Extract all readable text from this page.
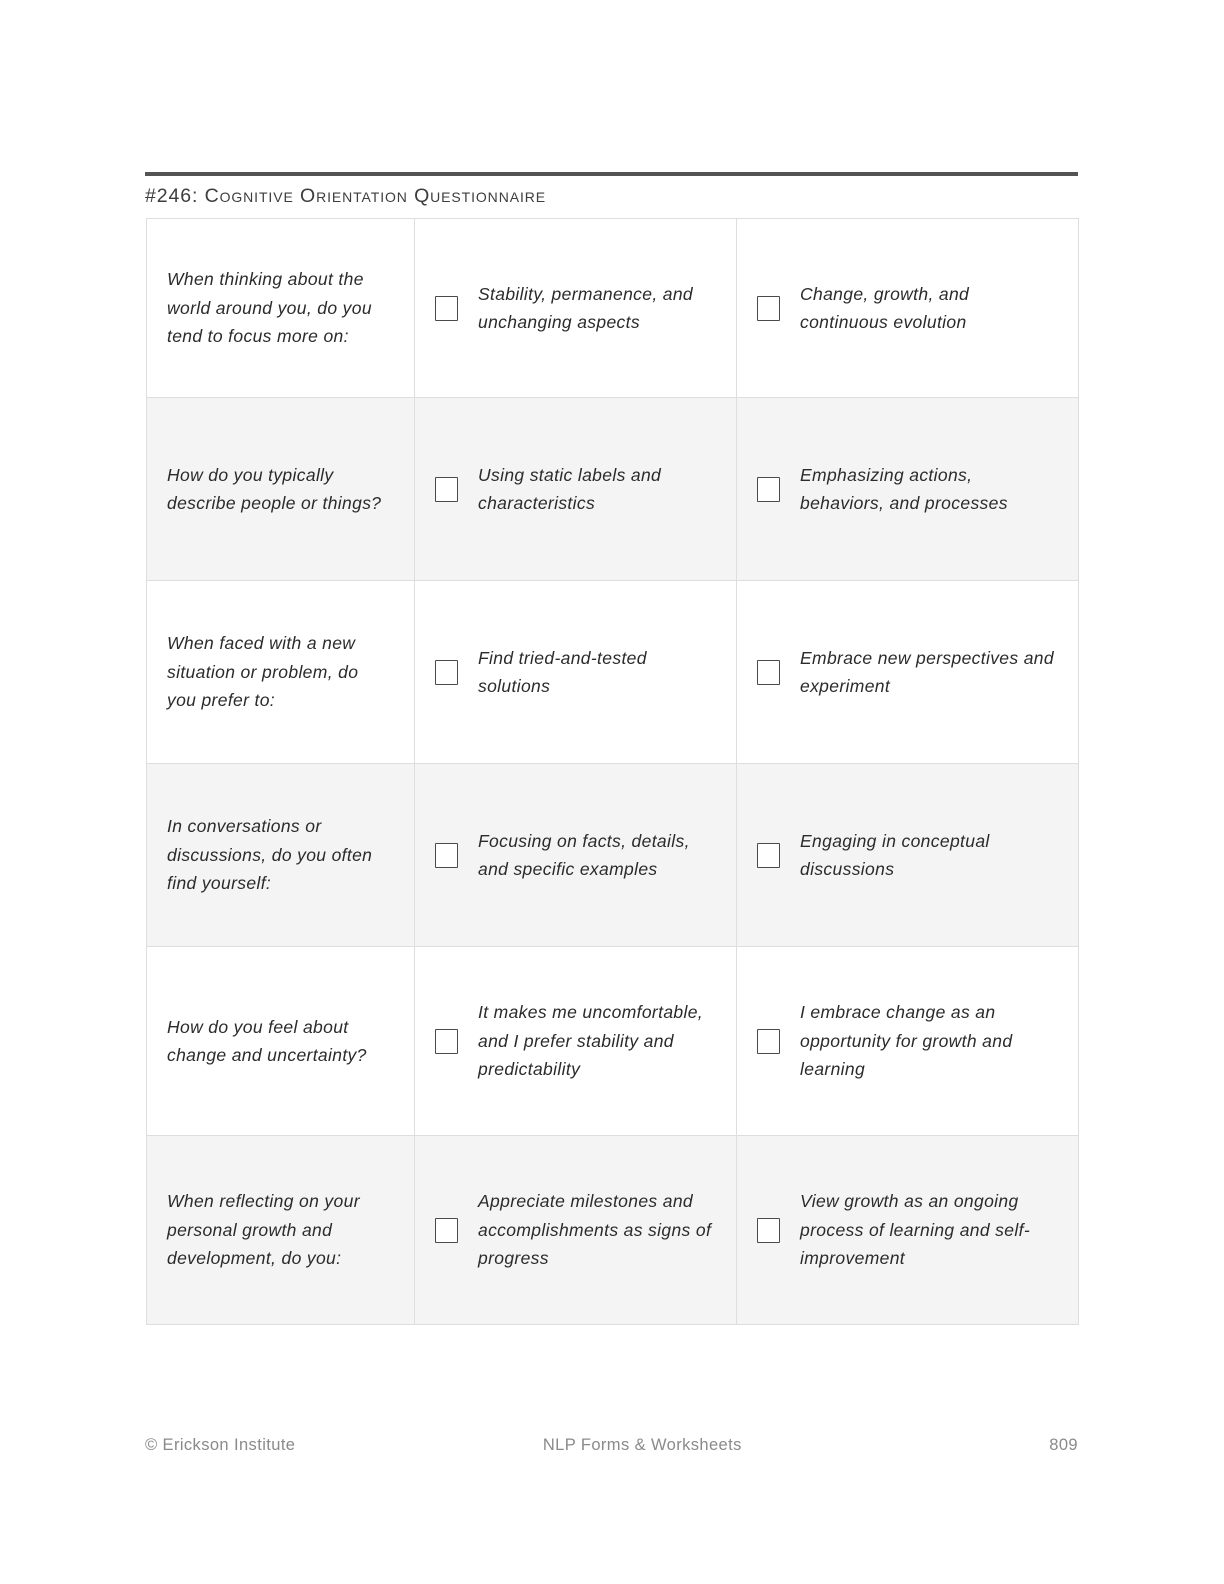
#246: Cognitive Orientation Questionnaire
When thinking about the world around you, do you tend to focus more on:	Stability, permanence, and unchanging aspects	Change, growth, and continuous evolution

How do you typically describe people or things?	Using static labels and characteristics	Emphasizing actions, behaviors, and processes

When faced with a new situation or problem, do you prefer to:	Find tried-and-tested solutions	Embrace new perspectives and experiment

In conversations or discussions, do you often find yourself:	Focusing on facts, details, and specific examples	Engaging in conceptual discussions

How do you feel about change and uncertainty?	It makes me uncomfortable, and I prefer stability and predictability	I embrace change as an opportunity for growth and learning

When reflecting on your personal growth and development, do you:	Appreciate milestones and accomplishments as signs of progress	View growth as an ongoing process of learning and self-improvement
© Erickson Institute	NLP Forms & Worksheets	809
